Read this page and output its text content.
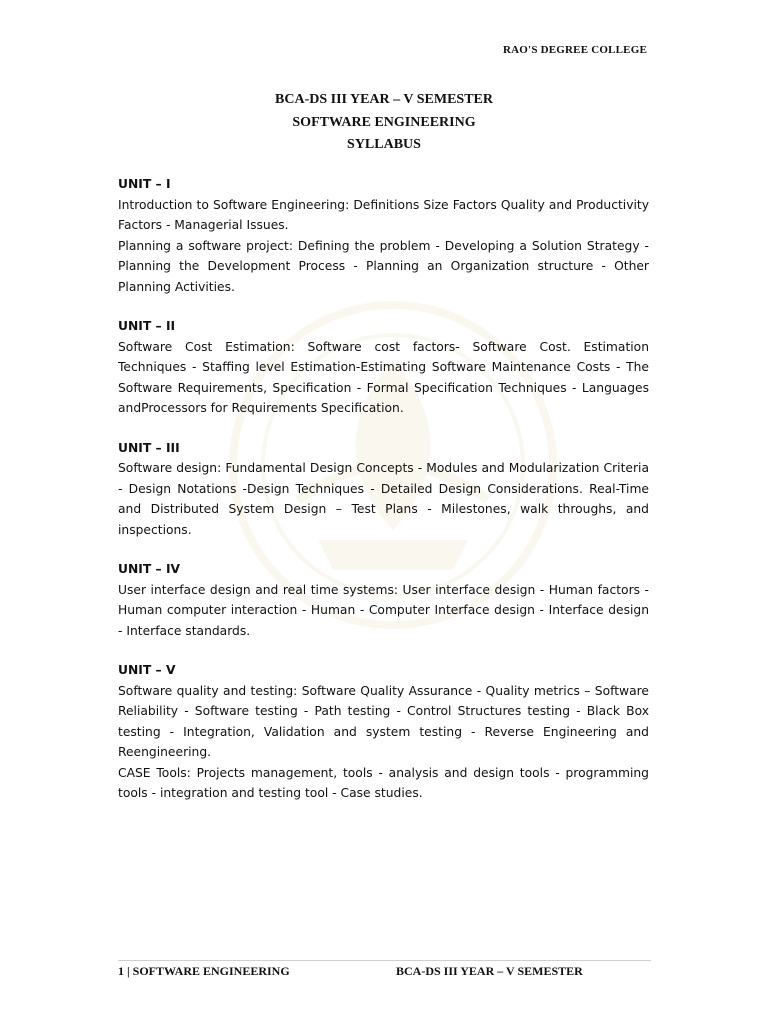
RAO'S DEGREE COLLEGE
BCA-DS III YEAR – V SEMESTER
SOFTWARE ENGINEERING
SYLLABUS
UNIT – I

Introduction to Software Engineering: Definitions Size Factors Quality and Productivity Factors - Managerial Issues.

Planning a software project: Defining the problem - Developing a Solution Strategy - Planning the Development Process - Planning an Organization structure - Other Planning Activities.

UNIT – II

Software Cost Estimation: Software cost factors- Software Cost. Estimation Techniques - Staffing level Estimation-Estimating Software Maintenance Costs - The Software Requirements, Specification - Formal Specification Techniques - Languages andProcessors for Requirements Specification.

UNIT – III

Software design: Fundamental Design Concepts - Modules and Modularization Criteria - Design Notations -Design Techniques - Detailed Design Considerations. Real-Time and Distributed System Design – Test Plans - Milestones, walk throughs, and inspections.

UNIT – IV

User interface design and real time systems: User interface design - Human factors - Human computer interaction - Human - Computer Interface design - Interface design - Interface standards.

UNIT – V

Software quality and testing: Software Quality Assurance - Quality metrics – Software Reliability - Software testing - Path testing - Control Structures testing - Black Box testing - Integration, Validation and system testing - Reverse Engineering and Reengineering.

CASE Tools: Projects management, tools - analysis and design tools - programming tools - integration and testing tool - Case studies.

1 | SOFTWARE ENGINEERING	BCA-DS III YEAR – V SEMESTER
